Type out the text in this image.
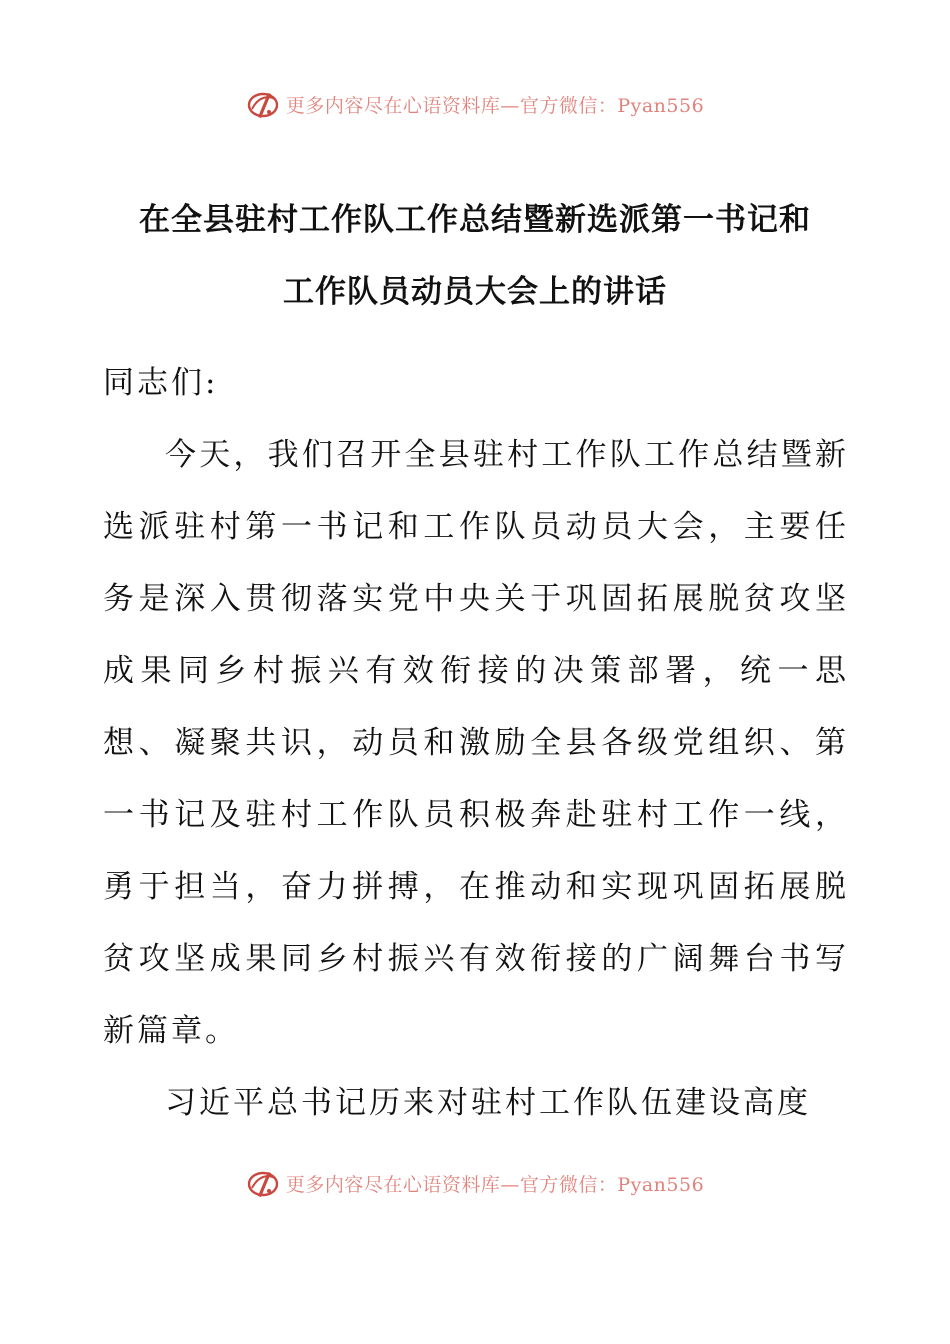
更多内容尽在心语资料库—官方微信：Pyan556
在全县驻村工作队工作总结暨新选派第一书记和
工作队员动员大会上的讲话

同志们:

今天，我们召开全县驻村工作队工作总结暨新选派驻村第一书记和工作队员动员大会，主要任务是深入贯彻落实党中央关于巩固拓展脱贫攻坚成果同乡村振兴有效衔接的决策部署，统一思想、凝聚共识，动员和激励全县各级党组织、第一书记及驻村工作队员积极奔赴驻村工作一线，勇于担当，奋力拼搏，在推动和实现巩固拓展脱贫攻坚成果同乡村振兴有效衔接的广阔舞台书写新篇章。

习近平总书记历来对驻村工作队伍建设高度

更多内容尽在心语资料库—官方微信：Pyan556
